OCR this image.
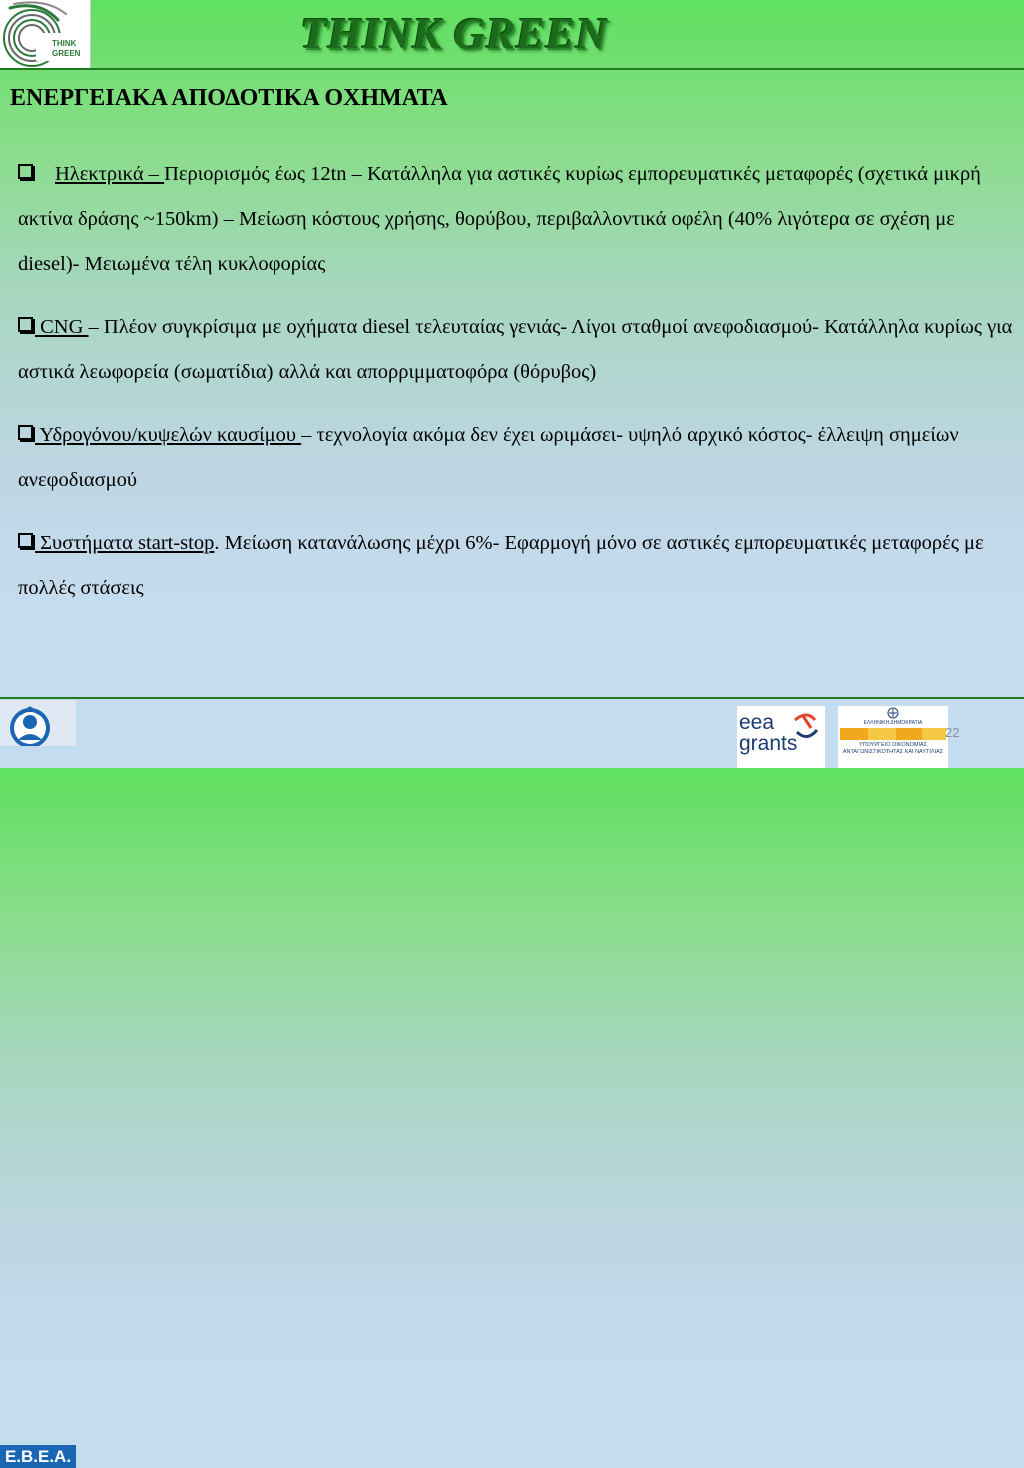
THINK
GREEN	THINK GREEN
ΕΝΕΡΓΕΙΑΚΑ ΑΠΟΔΟΤΙΚΑ ΟΧΗΜΑΤΑ
Ηλεκτρικά – Περιορισμός έως 12tn – Κατάλληλα για αστικές κυρίως εμπορευματικές μεταφορές (σχετικά μικρή ακτίνα δράσης ~150km) – Μείωση κόστους χρήσης, θορύβου, περιβαλλοντικά οφέλη (40% λιγότερα σε σχέση με diesel)- Μειωμένα τέλη κυκλοφορίας
CNG – Πλέον συγκρίσιμα με οχήματα diesel τελευταίας γενιάς- Λίγοι σταθμοί ανεφοδιασμού- Κατάλληλα κυρίως για αστικά λεωφορεία (σωματίδια) αλλά και απορριμματοφόρα (θόρυβος)
Υδρογόνου/κυψελών καυσίμου – τεχνολογία ακόμα δεν έχει ωριμάσει- υψηλό αρχικό κόστος- έλλειψη σημείων ανεφοδιασμού
Συστήματα start-stop. Μείωση κατανάλωσης μέχρι 6%- Εφαρμογή μόνο σε αστικές εμπορευματικές μεταφορές με πολλές στάσεις
E.B.E.A.
eea
grants
ΕΛΛΗΝΙΚΗ ΔΗΜΟΚΡΑΤΙΑ
ΥΠΟΥΡΓΕΙΟ ΟΙΚΟΝΟΜΙΑΣ ΑΝΤΑΓΩΝΙΣΤΙΚΟΤΗΤΑΣ ΚΑΙ ΝΑΥΤΙΛΙΑΣ
22
